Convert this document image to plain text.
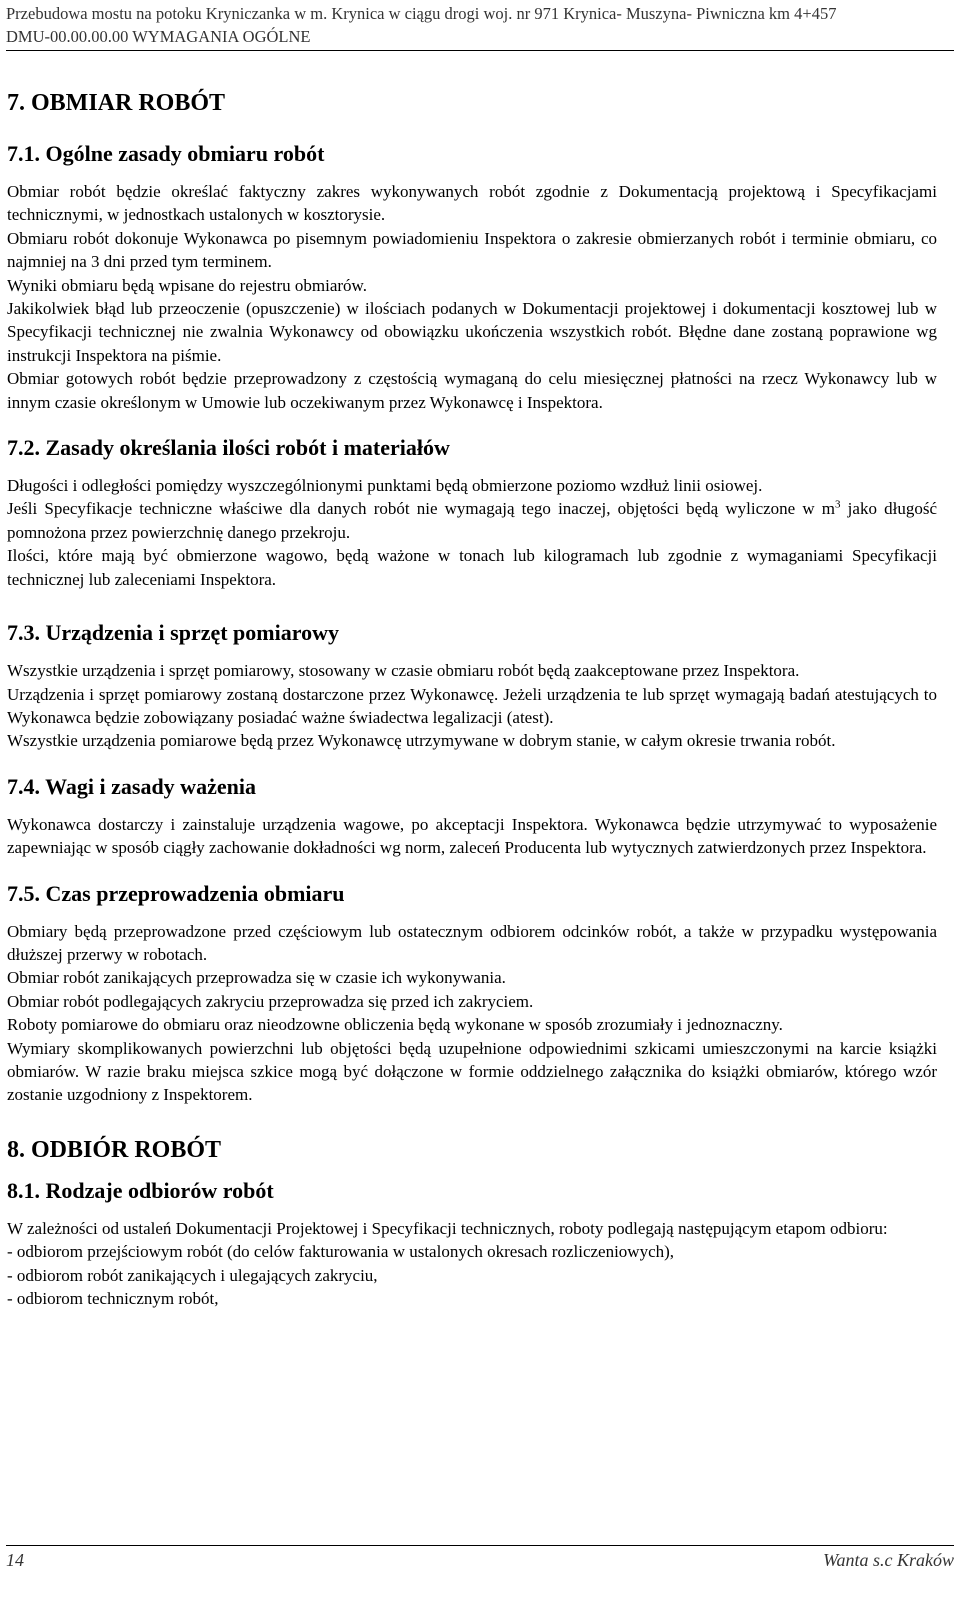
Przebudowa mostu na potoku Kryniczanka w m. Krynica w ciągu drogi woj. nr 971 Krynica- Muszyna- Piwniczna km 4+457
DMU-00.00.00.00 WYMAGANIA OGÓLNE
7. OBMIAR ROBÓT
7.1. Ogólne zasady obmiaru robót

Obmiar robót będzie określać faktyczny zakres wykonywanych robót zgodnie z Dokumentacją projektową i Specyfikacjami technicznymi, w jednostkach ustalonych w kosztorysie.

Obmiaru robót dokonuje Wykonawca po pisemnym powiadomieniu Inspektora o zakresie obmierzanych robót i terminie obmiaru, co najmniej na 3 dni przed tym terminem.

Wyniki obmiaru będą wpisane do rejestru obmiarów.

Jakikolwiek błąd lub przeoczenie (opuszczenie) w ilościach podanych w Dokumentacji projektowej i dokumentacji kosztowej lub w Specyfikacji technicznej nie zwalnia Wykonawcy od obowiązku ukończenia wszystkich robót. Błędne dane zostaną poprawione wg instrukcji Inspektora na piśmie.

Obmiar gotowych robót będzie przeprowadzony z częstością wymaganą do celu miesięcznej płatności na rzecz Wykonawcy lub w innym czasie określonym w Umowie lub oczekiwanym przez Wykonawcę i Inspektora.

7.2. Zasady określania ilości robót i materiałów

Długości i odległości pomiędzy wyszczególnionymi punktami będą obmierzone poziomo wzdłuż linii osiowej.

Jeśli Specyfikacje techniczne właściwe dla danych robót nie wymagają tego inaczej, objętości będą wyliczone w $m^3$ jako długość pomnożona przez powierzchnię danego przekroju.

Ilości, które mają być obmierzone wagowo, będą ważone w tonach lub kilogramach lub zgodnie z wymaganiami Specyfikacji technicznej lub zaleceniami Inspektora.

7.3. Urządzenia i sprzęt pomiarowy

Wszystkie urządzenia i sprzęt pomiarowy, stosowany w czasie obmiaru robót będą zaakceptowane przez Inspektora.

Urządzenia i sprzęt pomiarowy zostaną dostarczone przez Wykonawcę. Jeżeli urządzenia te lub sprzęt wymagają badań atestujących to Wykonawca będzie zobowiązany posiadać ważne świadectwa legalizacji (atest).

Wszystkie urządzenia pomiarowe będą przez Wykonawcę utrzymywane w dobrym stanie, w całym okresie trwania robót.

7.4. Wagi i zasady ważenia

Wykonawca dostarczy i zainstaluje urządzenia wagowe, po akceptacji Inspektora. Wykonawca będzie utrzymywać to wyposażenie zapewniając w sposób ciągły zachowanie dokładności wg norm, zaleceń Producenta lub wytycznych zatwierdzonych przez Inspektora.

7.5. Czas przeprowadzenia obmiaru

Obmiary będą przeprowadzone przed częściowym lub ostatecznym odbiorem odcinków robót, a także w przypadku występowania dłuższej przerwy w robotach.

Obmiar robót zanikających przeprowadza się w czasie ich wykonywania.

Obmiar robót podlegających zakryciu przeprowadza się przed ich zakryciem.

Roboty pomiarowe do obmiaru oraz nieodzowne obliczenia będą wykonane w sposób zrozumiały i jednoznaczny.

Wymiary skomplikowanych powierzchni lub objętości będą uzupełnione odpowiednimi szkicami umieszczonymi na karcie książki obmiarów. W razie braku miejsca szkice mogą być dołączone w formie oddzielnego załącznika do książki obmiarów, którego wzór zostanie uzgodniony z Inspektorem.

8. ODBIÓR ROBÓT
8.1. Rodzaje odbiorów robót

W zależności od ustaleń Dokumentacji Projektowej i Specyfikacji technicznych, roboty podlegają następującym etapom odbioru:

- odbiorom przejściowym robót (do celów fakturowania w ustalonych okresach rozliczeniowych),

- odbiorom robót zanikających i ulegających zakryciu,

- odbiorom technicznym robót,

14	Wanta s.c Kraków
